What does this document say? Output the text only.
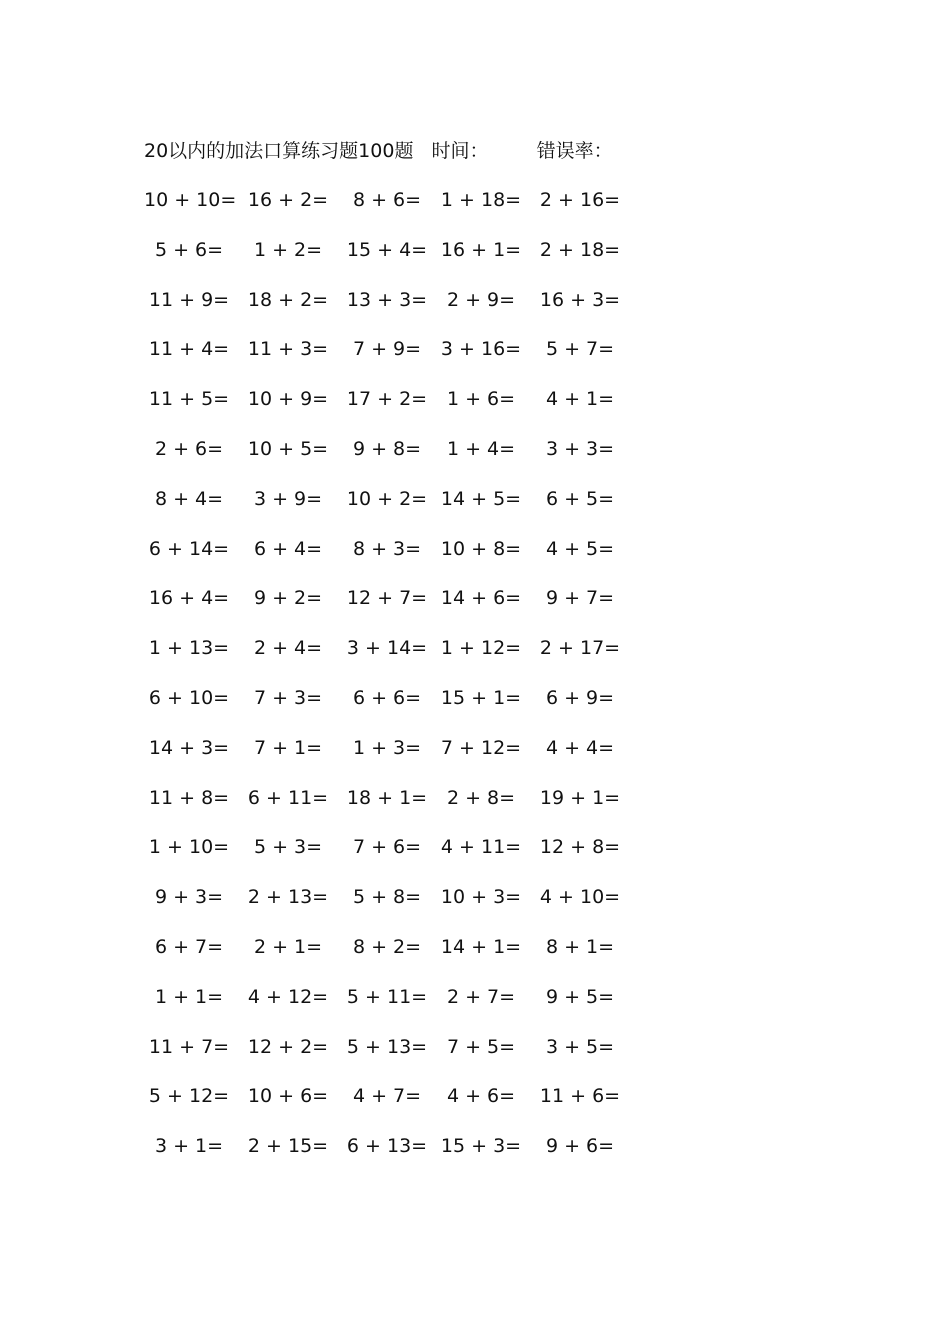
20以内的加法口算练习题100题 时间：	错误率：
10 + 10= 16 + 2=	8 + 6=	1 + 18= 2 + 16=
5 + 6=	1 + 2=	15 + 4= 16 + 1= 2 + 18=
11 + 9= 18 + 2= 13 + 3=	2 + 9=	16 + 3=
11 + 4= 11 + 3=	7 + 9=	3 + 16=	5 + 7=
11 + 5= 10 + 9= 17 + 2=	1 + 6=	4 + 1=
2 + 6=	10 + 5=	9 + 8=	1 + 4=	3 + 3=
8 + 4=	3 + 9=	10 + 2= 14 + 5=	6 + 5=
6 + 14=	6 + 4=	8 + 3=	10 + 8=	4 + 5=
16 + 4=	9 + 2=	12 + 7= 14 + 6=	9 + 7=
1 + 13=	2 + 4=	3 + 14= 1 + 12= 2 + 17=
6 + 10=	7 + 3=	6 + 6=	15 + 1=	6 + 9=
14 + 3=	7 + 1=	1 + 3=	7 + 12=	4 + 4=
11 + 8= 6 + 11= 18 + 1=	2 + 8=	19 + 1=
1 + 10=	5 + 3=	7 + 6=	4 + 11= 12 + 8=
9 + 3=	2 + 13=	5 + 8=	10 + 3= 4 + 10=
6 + 7=	2 + 1=	8 + 2=	14 + 1=	8 + 1=
1 + 1=	4 + 12= 5 + 11=	2 + 7=	9 + 5=
11 + 7= 12 + 2= 5 + 13=	7 + 5=	3 + 5=
5 + 12= 10 + 6=	4 + 7=	4 + 6=	11 + 6=
3 + 1=	2 + 15= 6 + 13= 15 + 3=	9 + 6=
